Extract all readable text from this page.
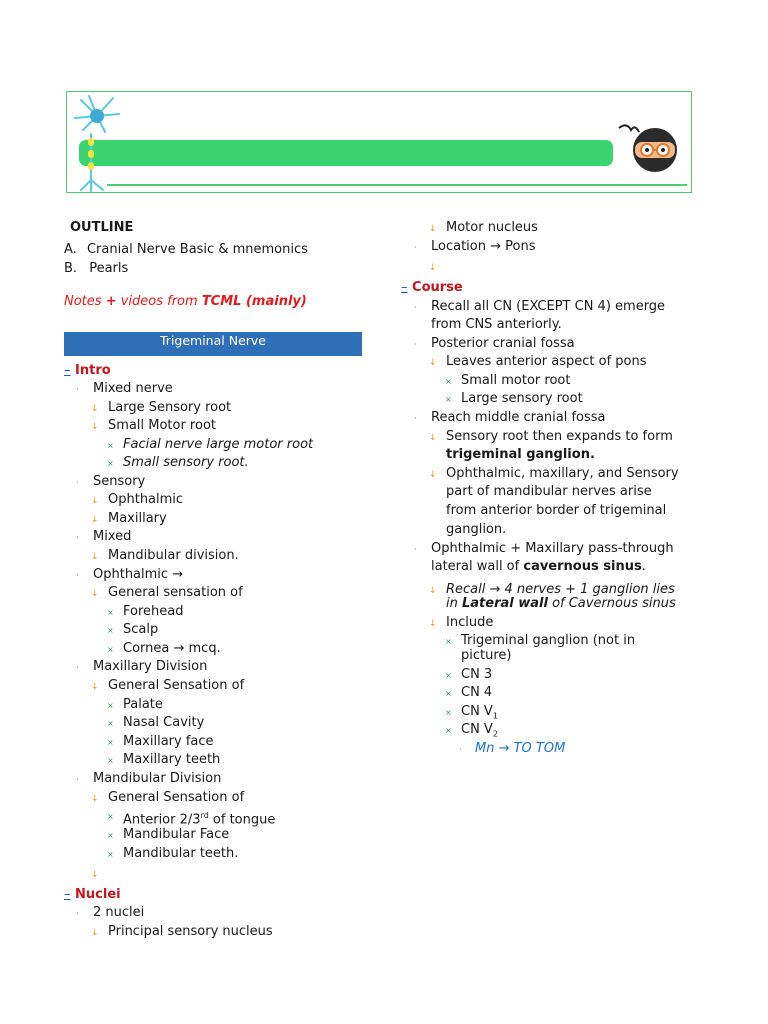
OUTLINE
A. Cranial Nerve Basic & mnemonics
B. Pearls
Notes + videos from TCML (mainly)
Trigeminal Nerve
– Intro
· Mixed nerve
↓ Large Sensory root
↓ Small Motor root
× Facial nerve large motor root
× Small sensory root.
· Sensory
↓ Ophthalmic
↓ Maxillary
· Mixed
↓ Mandibular division.
· Ophthalmic →
↓ General sensation of
× Forehead
× Scalp
× Cornea → mcq.
· Maxillary Division
↓ General Sensation of
× Palate
× Nasal Cavity
× Maxillary face
× Maxillary teeth
· Mandibular Division
↓ General Sensation of
× Anterior 2/3rd of tongue
× Mandibular Face
× Mandibular teeth.
↓
– Nuclei
· 2 nuclei
↓ Principal sensory nucleus
↓ Motor nucleus
· Location → Pons
↓
– Course
· Recall all CN (EXCEPT CN 4) emerge
from CNS anteriorly.
· Posterior cranial fossa
↓ Leaves anterior aspect of pons
× Small motor root
× Large sensory root
· Reach middle cranial fossa
↓ Sensory root then expands to form
trigeminal ganglion.
↓ Ophthalmic, maxillary, and Sensory
part of mandibular nerves arise
from anterior border of trigeminal
ganglion.
· Ophthalmic + Maxillary pass-through
lateral wall of cavernous sinus.
↓ Recall → 4 nerves + 1 ganglion lies
in Lateral wall of Cavernous sinus
↓ Include
× Trigeminal ganglion (not in
picture)
× CN 3
× CN 4
× CN $V_1$
× CN $V_2$
· Mn → TO TOM
